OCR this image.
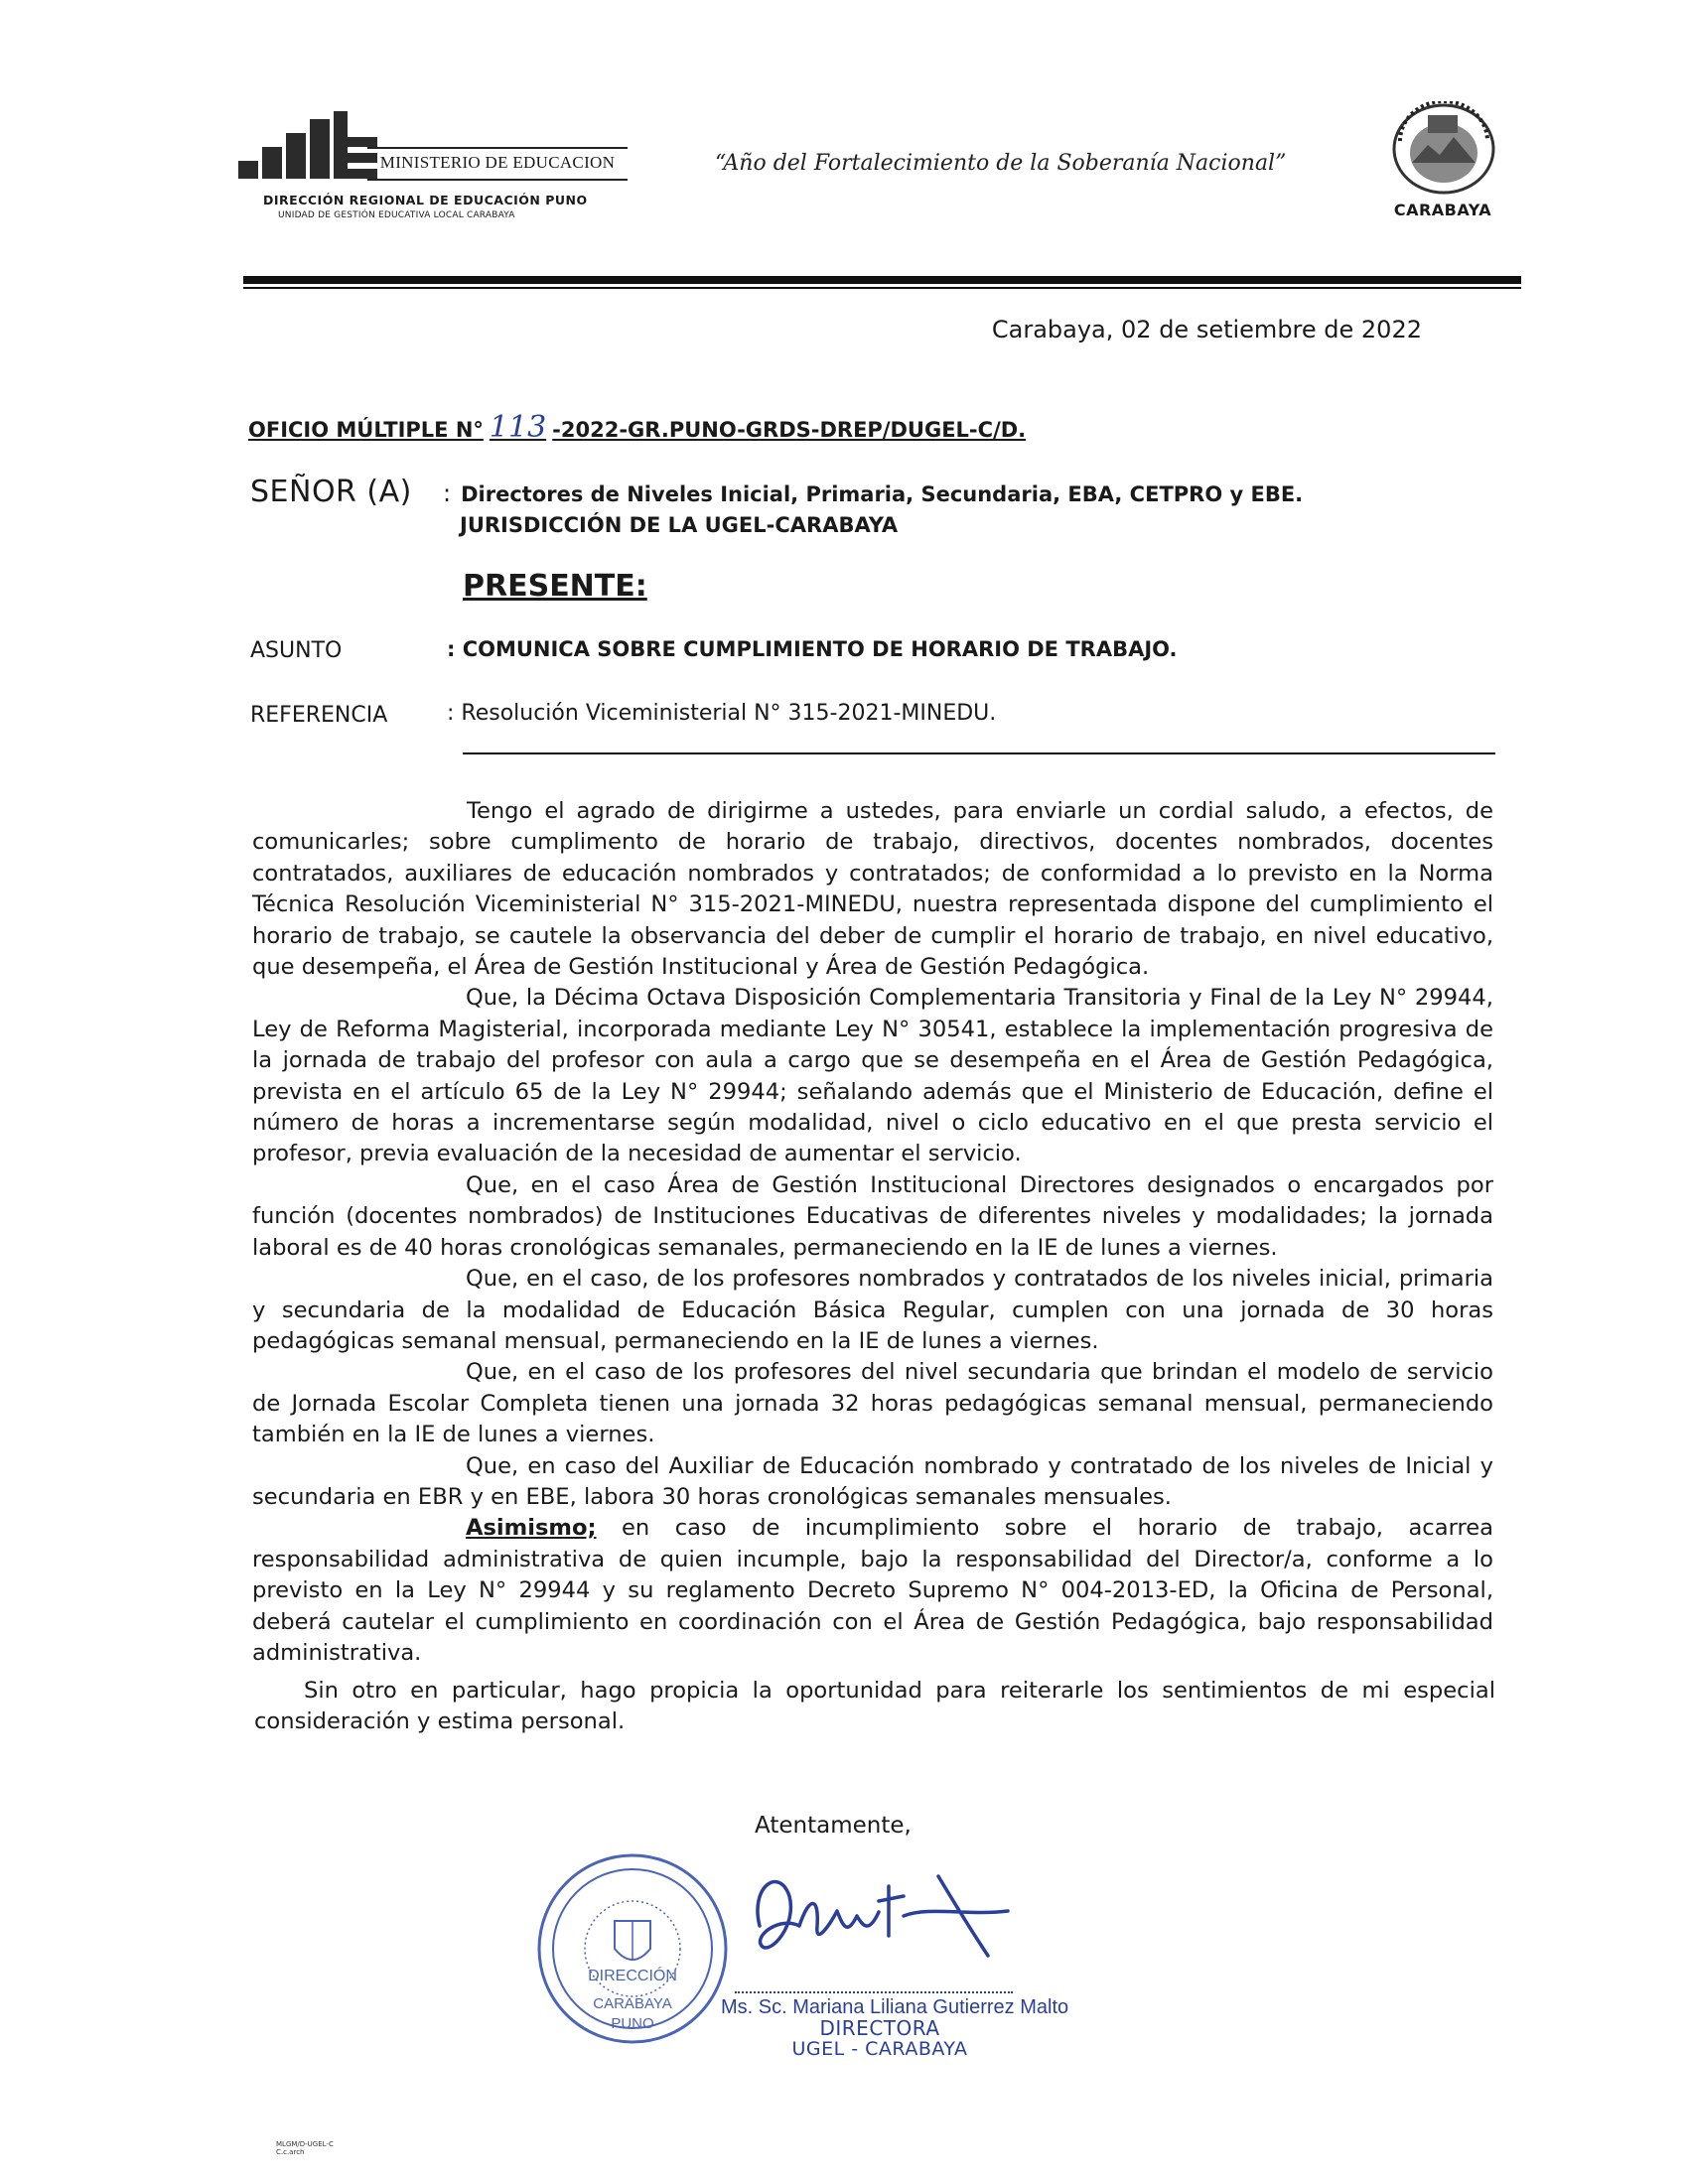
MINISTERIO DE EDUCACION
DIRECCIÓN REGIONAL DE EDUCACIÓN PUNO
UNIDAD DE GESTIÓN EDUCATIVA LOCAL CARABAYA
“Año del Fortalecimiento de la Soberanía Nacional”
CARABAYA
Carabaya, 02 de setiembre de 2022
OFICIO MÚLTIPLE N° 113 -2022-GR.PUNO-GRDS-DREP/DUGEL-C/D.
SEÑOR (A) : Directores de Niveles Inicial, Primaria, Secundaria, EBA, CETPRO y EBE.
JURISDICCIÓN DE LA UGEL-CARABAYA
PRESENTE:
ASUNTO	: COMUNICA SOBRE CUMPLIMIENTO DE HORARIO DE TRABAJO.
REFERENCIA	: Resolución Viceministerial N° 315-2021-MINEDU.

Tengo el agrado de dirigirme a ustedes, para enviarle un cordial saludo, a efectos, de comunicarles; sobre cumplimento de horario de trabajo, directivos, docentes nombrados, docentes contratados, auxiliares de educación nombrados y contratados; de conformidad a lo previsto en la Norma Técnica Resolución Viceministerial N° 315-2021-MINEDU, nuestra representada dispone del cumplimiento el horario de trabajo, se cautele la observancia del deber de cumplir el horario de trabajo, en nivel educativo, que desempeña, el Área de Gestión Institucional y Área de Gestión Pedagógica.

Que, la Décima Octava Disposición Complementaria Transitoria y Final de la Ley N° 29944, Ley de Reforma Magisterial, incorporada mediante Ley N° 30541, establece la implementación progresiva de la jornada de trabajo del profesor con aula a cargo que se desempeña en el Área de Gestión Pedagógica, prevista en el artículo 65 de la Ley N° 29944; señalando además que el Ministerio de Educación, define el número de horas a incrementarse según modalidad, nivel o ciclo educativo en el que presta servicio el profesor, previa evaluación de la necesidad de aumentar el servicio.

Que, en el caso Área de Gestión Institucional Directores designados o encargados por función (docentes nombrados) de Instituciones Educativas de diferentes niveles y modalidades; la jornada laboral es de 40 horas cronológicas semanales, permaneciendo en la IE de lunes a viernes.

Que, en el caso, de los profesores nombrados y contratados de los niveles inicial, primaria y secundaria de la modalidad de Educación Básica Regular, cumplen con una jornada de 30 horas pedagógicas semanal mensual, permaneciendo en la IE de lunes a viernes.

Que, en el caso de los profesores del nivel secundaria que brindan el modelo de servicio de Jornada Escolar Completa tienen una jornada 32 horas pedagógicas semanal mensual, permaneciendo también en la IE de lunes a viernes.

Que, en caso del Auxiliar de Educación nombrado y contratado de los niveles de Inicial y secundaria en EBR y en EBE, labora 30 horas cronológicas semanales mensuales.

Asimismo; en caso de incumplimiento sobre el horario de trabajo, acarrea responsabilidad administrativa de quien incumple, bajo la responsabilidad del Director/a, conforme a lo previsto en la Ley N° 29944 y su reglamento Decreto Supremo N° 004-2013-ED, la Oficina de Personal, deberá cautelar el cumplimiento en coordinación con el Área de Gestión Pedagógica, bajo responsabilidad administrativa.

Sin otro en particular, hago propicia la oportunidad para reiterarle los sentimientos de mi especial consideración y estima personal.
Atentamente,
DIRECCIÓN
CARABAYA
PUNO
Ms. Sc. Mariana Liliana Gutierrez Malto
DIRECTORA
UGEL - CARABAYA
MLGM/D-UGEL-C
C.c.arch
